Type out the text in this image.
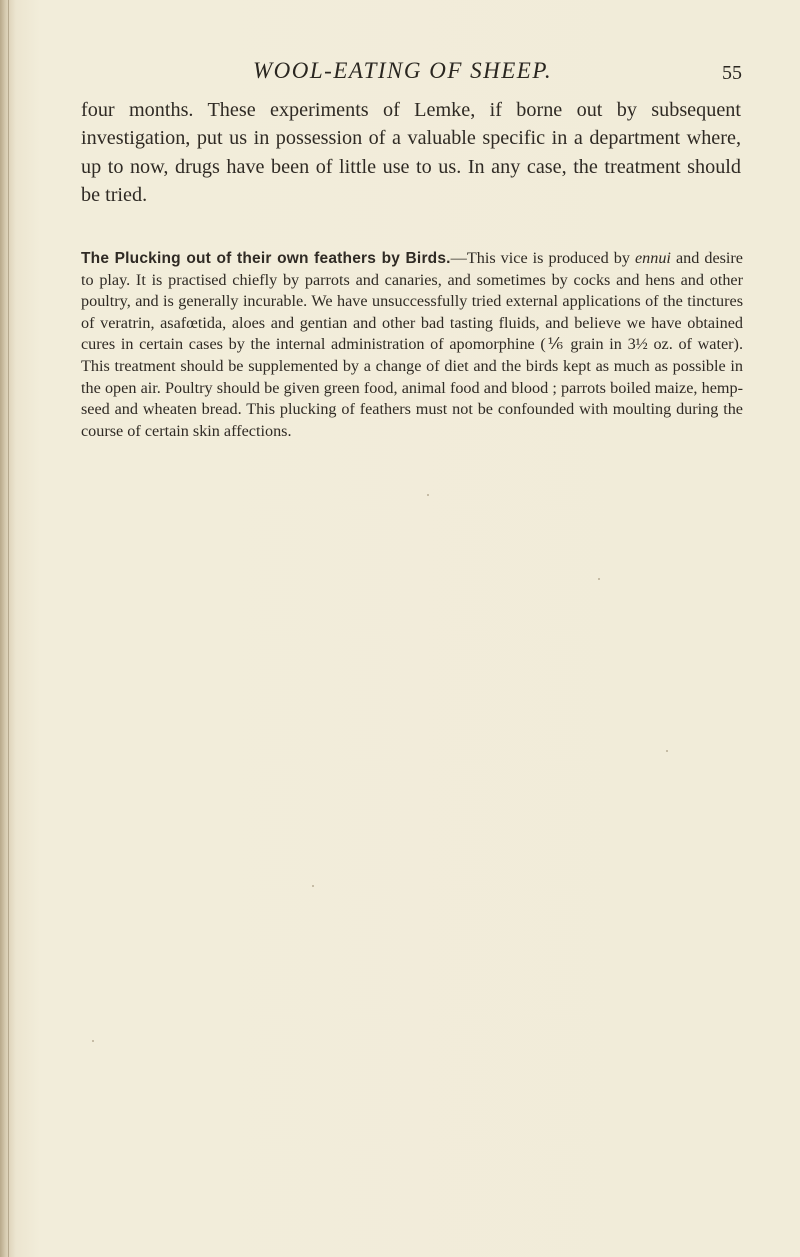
WOOL-EATING OF SHEEP.	55

four months. These experiments of Lemke, if borne out by subsequent investigation, put us in possession of a valuable specific in a department where, up to now, drugs have been of little use to us. In any case, the treatment should be tried.

The Plucking out of their own feathers by Birds.—This vice is produced by ennui and desire to play. It is practised chiefly by parrots and canaries, and sometimes by cocks and hens and other poultry, and is generally incurable. We have unsuccessfully tried external applications of the tinctures of veratrin, asafœtida, aloes and gentian and other bad tasting fluids, and believe we have obtained cures in certain cases by the internal administration of apomorphine (⅙ grain in 3½ oz. of water). This treatment should be supplemented by a change of diet and the birds kept as much as possible in the open air. Poultry should be given green food, animal food and blood ; parrots boiled maize, hemp-seed and wheaten bread. This plucking of feathers must not be confounded with moulting during the course of certain skin affections.
